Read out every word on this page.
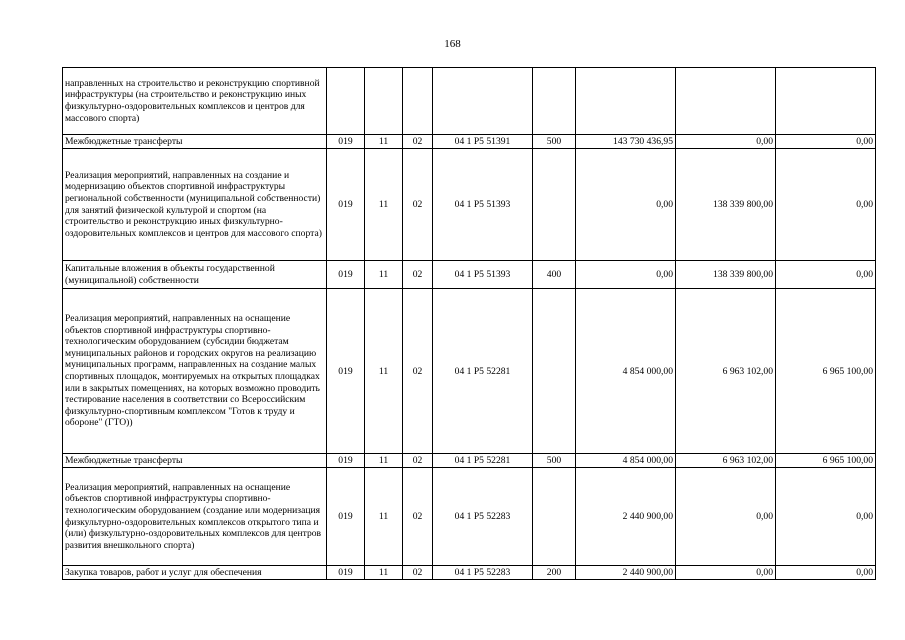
168
направленных на строительство и реконструкцию спортивной инфраструктуры (на строительство и реконструкцию иных физкультурно-оздоровительных комплексов и центров для массового спорта)								
Межбюджетные трансферты	019	11	02	04 1 P5 51391	500	143 730 436,95	0,00	0,00
Реализация мероприятий, направленных на создание и модернизацию объектов спортивной инфраструктуры региональной собственности (муниципальной собственности) для занятий физической культурой и спортом (на строительство и реконструкцию иных физкультурно-оздоровительных комплексов и центров для массового спорта)	019	11	02	04 1 P5 51393		0,00	138 339 800,00	0,00
Капитальные вложения в объекты государственной (муниципальной) собственности	019	11	02	04 1 P5 51393	400	0,00	138 339 800,00	0,00
Реализация мероприятий, направленных на оснащение объектов спортивной инфраструктуры спортивно-технологическим оборудованием (субсидии бюджетам муниципальных районов и городских округов на реализацию муниципальных программ, направленных на создание малых спортивных площадок, монтируемых на открытых площадках или в закрытых помещениях, на которых возможно проводить тестирование населения в соответствии со Всероссийским физкультурно-спортивным комплексом "Готов к труду и обороне" (ГТО))	019	11	02	04 1 P5 52281		4 854 000,00	6 963 102,00	6 965 100,00
Межбюджетные трансферты	019	11	02	04 1 P5 52281	500	4 854 000,00	6 963 102,00	6 965 100,00
Реализация мероприятий, направленных на оснащение объектов спортивной инфраструктуры спортивно-технологическим оборудованием (создание или модернизация физкультурно-оздоровительных комплексов открытого типа и (или) физкультурно-оздоровительных комплексов для центров развития внешкольного спорта)	019	11	02	04 1 P5 52283		2 440 900,00	0,00	0,00
Закупка товаров, работ и услуг для обеспечения	019	11	02	04 1 P5 52283	200	2 440 900,00	0,00	0,00
